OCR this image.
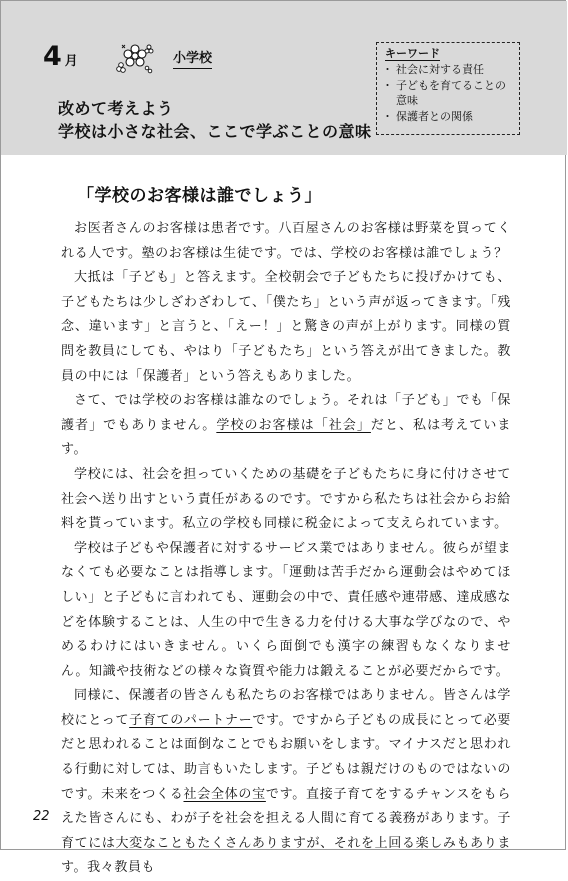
4 月	小学校
改めて考えよう
学校は小さな社会、ここで学ぶことの意味
キーワード
・ 社会に対する責任
・ 子どもを育てることの意味
・ 保護者との関係
「学校のお客様は誰でしょう」

お医者さんのお客様は患者です。八百屋さんのお客様は野菜を買ってくれる人です。塾のお客様は生徒です。では、学校のお客様は誰でしょう？

大抵は「子ども」と答えます。全校朝会で子どもたちに投げかけても、子どもたちは少しざわざわして、「僕たち」という声が返ってきます。「残念、違います」と言うと、「えー！」と驚きの声が上がります。同様の質問を教員にしても、やはり「子どもたち」という答えが出てきました。教員の中には「保護者」という答えもありました。

さて、では学校のお客様は誰なのでしょう。それは「子ども」でも「保護者」でもありません。学校のお客様は「社会」だと、私は考えています。

学校には、社会を担っていくための基礎を子どもたちに身に付けさせて社会へ送り出すという責任があるのです。ですから私たちは社会からお給料を貰っています。私立の学校も同様に税金によって支えられています。

学校は子どもや保護者に対するサービス業ではありません。彼らが望まなくても必要なことは指導します。「運動は苦手だから運動会はやめてほしい」と子どもに言われても、運動会の中で、責任感や連帯感、達成感などを体験することは、人生の中で生きる力を付ける大事な学びなので、やめるわけにはいきません。いくら面倒でも漢字の練習もなくなりません。知識や技術などの様々な資質や能力は鍛えることが必要だからです。

同様に、保護者の皆さんも私たちのお客様ではありません。皆さんは学校にとって子育てのパートナーです。ですから子どもの成長にとって必要だと思われることは面倒なことでもお願いをします。マイナスだと思われる行動に対しては、助言もいたします。子どもは親だけのものではないのです。未来をつくる社会全体の宝です。直接子育てをするチャンスをもらえた皆さんにも、わが子を社会を担える人間に育てる義務があります。子育てには大変なこともたくさんありますが、それを上回る楽しみもあります。我々教員も

22
